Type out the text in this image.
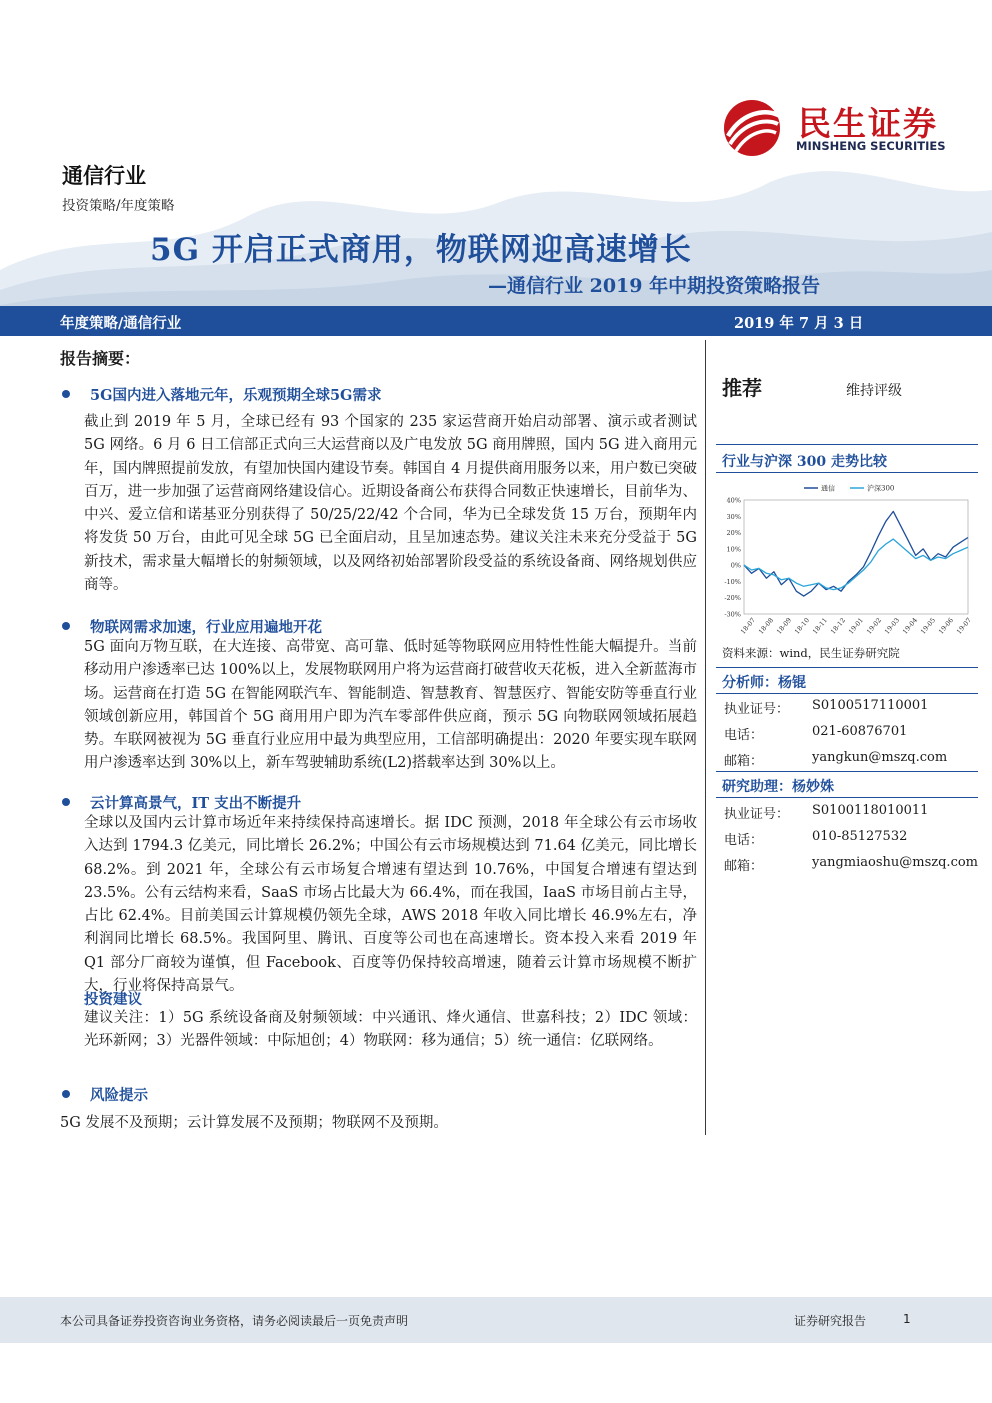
民生证券
MINSHENG SECURITIES
通信行业
投资策略/年度策略
5G 开启正式商用，物联网迎高速增长
—通信行业 2019 年中期投资策略报告
年度策略/通信行业	2019 年 7 月 3 日
报告摘要：
5G国内进入落地元年，乐观预期全球5G需求
截止到 2019 年 5 月，全球已经有 93 个国家的 235 家运营商开始启动部署、演示或者测试 5G 网络。6 月 6 日工信部正式向三大运营商以及广电发放 5G 商用牌照，国内 5G 进入商用元年，国内牌照提前发放，有望加快国内建设节奏。韩国自 4 月提供商用服务以来，用户数已突破百万，进一步加强了运营商网络建设信心。近期设备商公布获得合同数正快速增长，目前华为、中兴、爱立信和诺基亚分别获得了 50/25/22/42 个合同，华为已全球发货 15 万台，预期年内将发货 50 万台，由此可见全球 5G 已全面启动，且呈加速态势。建议关注未来充分受益于 5G 新技术，需求量大幅增长的射频领域，以及网络初始部署阶段受益的系统设备商、网络规划供应商等。
物联网需求加速，行业应用遍地开花
5G 面向万物互联，在大连接、高带宽、高可靠、低时延等物联网应用特性性能大幅提升。当前移动用户渗透率已达 100%以上，发展物联网用户将为运营商打破营收天花板，进入全新蓝海市场。运营商在打造 5G 在智能网联汽车、智能制造、智慧教育、智慧医疗、智能安防等垂直行业领域创新应用，韩国首个 5G 商用用户即为汽车零部件供应商，预示 5G 向物联网领域拓展趋势。车联网被视为 5G 垂直行业应用中最为典型应用，工信部明确提出：2020 年要实现车联网用户渗透率达到 30%以上，新车驾驶辅助系统(L2)搭载率达到 30%以上。
云计算高景气，IT 支出不断提升
全球以及国内云计算市场近年来持续保持高速增长。据 IDC 预测，2018 年全球公有云市场收入达到 1794.3 亿美元，同比增长 26.2%；中国公有云市场规模达到 71.64 亿美元，同比增长 68.2%。到 2021 年，全球公有云市场复合增速有望达到 10.76%，中国复合增速有望达到 23.5%。公有云结构来看，SaaS 市场占比最大为 66.4%，而在我国，IaaS 市场目前占主导，占比 62.4%。目前美国云计算规模仍领先全球，AWS 2018 年收入同比增长 46.9%左右，净利润同比增长 68.5%。我国阿里、腾讯、百度等公司也在高速增长。资本投入来看 2019 年 Q1 部分厂商较为谨慎，但 Facebook、百度等仍保持较高增速，随着云计算市场规模不断扩大，行业将保持高景气。
投资建议
建议关注：1）5G 系统设备商及射频领域：中兴通讯、烽火通信、世嘉科技；2）IDC 领域：光环新网；3）光器件领域：中际旭创；4）物联网：移为通信；5）统一通信：亿联网络。
风险提示
5G 发展不及预期；云计算发展不及预期；物联网不及预期。
推荐	维持评级
行业与沪深 300 走势比较
40%
30%
20%
10%
0%
-10%
-20%
-30%
18-07 18-08 18-09 18-10 18-11 18-12 19-01 19-02 19-03 19-04 19-05 19-06 19-07
通信	沪深300
资料来源：wind，民生证券研究院
分析师：杨锟
执业证号： S0100517110001
电话：	021-60876701
邮箱：	yangkun@mszq.com
研究助理：杨妙姝
执业证号： S0100118010011
电话：	010-85127532
邮箱：	yangmiaoshu@mszq.com
本公司具备证券投资咨询业务资格，请务必阅读最后一页免责声明	证券研究报告	1
